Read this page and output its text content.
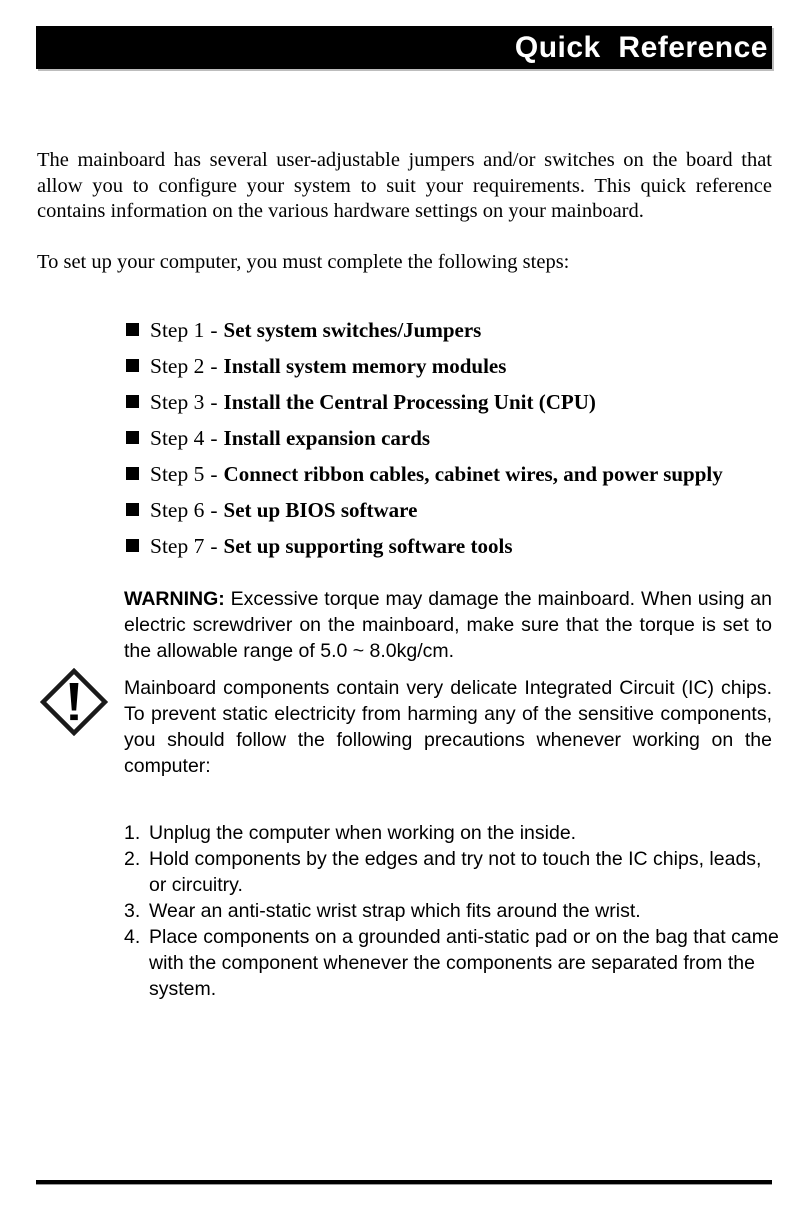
Quick  Reference

The mainboard has several user-adjustable jumpers and/or switches on the board that allow you to configure your system to suit your requirements. This quick reference contains information on the various hardware settings on your mainboard.

To set up your computer, you must complete the following steps:

Step 1 - Set system switches/Jumpers
Step 2 - Install system memory modules
Step 3 - Install the Central Processing Unit (CPU)
Step 4 - Install expansion cards
Step 5 - Connect ribbon cables, cabinet wires, and power supply
Step 6 - Set up BIOS software
Step 7 - Set up supporting software tools

WARNING: Excessive torque may damage the mainboard. When using an electric screwdriver on the mainboard, make sure that the torque is set to the allowable range of 5.0 ~ 8.0kg/cm.

Mainboard components contain very delicate Integrated Circuit (IC) chips. To prevent static electricity from harming any of the sensitive components, you should follow the following precautions whenever working on the computer:

1. Unplug the computer when working on the inside.
2. Hold components by the edges and try not to touch the IC chips, leads, or circuitry.
3. Wear an anti-static wrist strap which fits around the wrist.
4. Place components on a grounded anti-static pad or on the bag that came with the component whenever the components are separated from the system.
